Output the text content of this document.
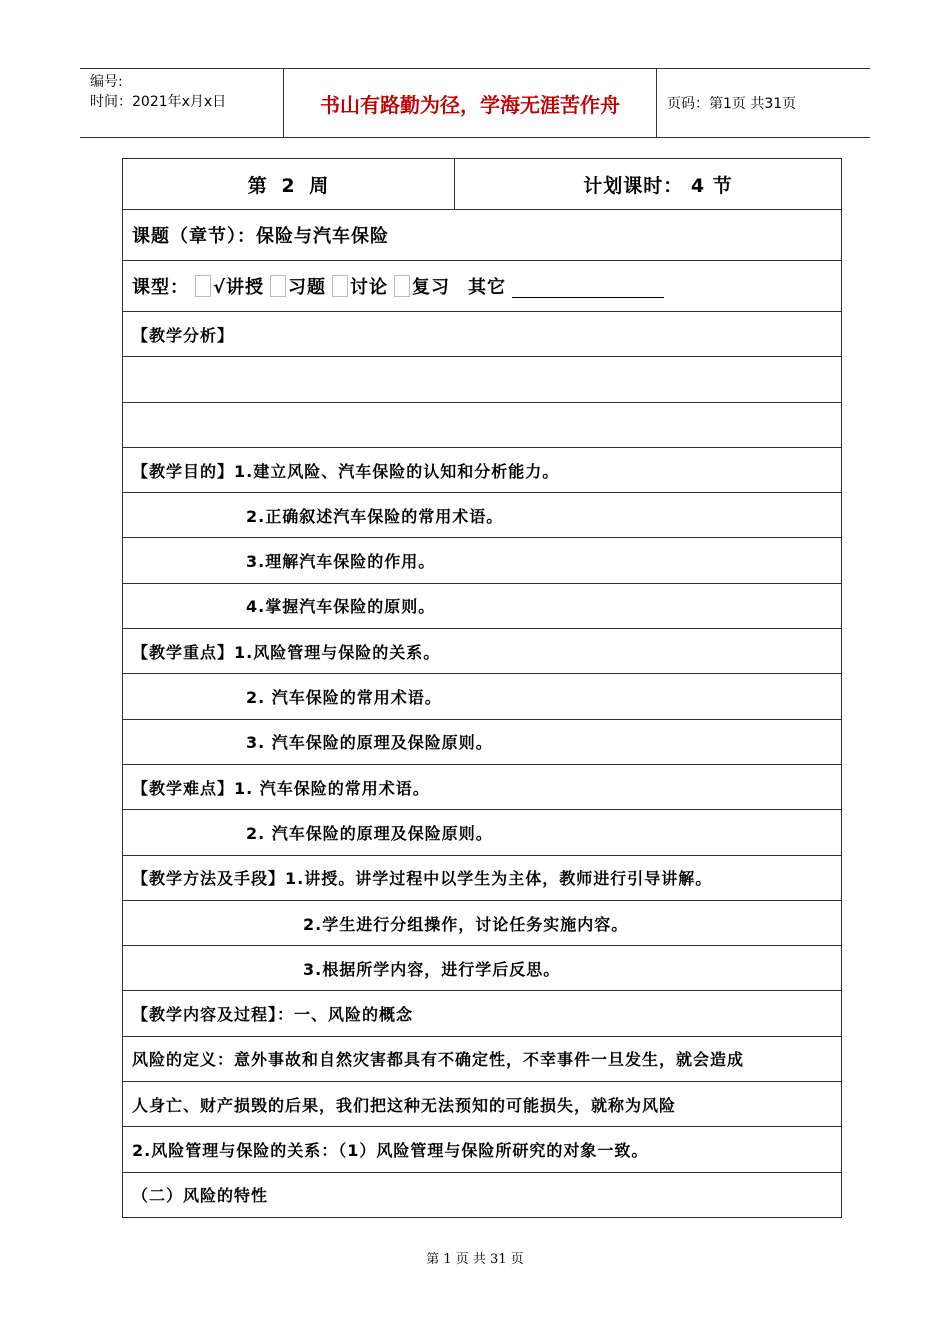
编号:
时间：2021年x月x日	书山有路勤为径，学海无涯苦作舟	页码：第1页 共31页
第 2 周	计划课时： 4 节
课题（章节）：保险与汽车保险
课型： √讲授 习题 讨论 复习 其它
【教学分析】
【教学目的】1.建立风险、汽车保险的认知和分析能力。
2.正确叙述汽车保险的常用术语。
3.理解汽车保险的作用。
4.掌握汽车保险的原则。
【教学重点】1.风险管理与保险的关系。
2. 汽车保险的常用术语。
3. 汽车保险的原理及保险原则。
【教学难点】1. 汽车保险的常用术语。
2. 汽车保险的原理及保险原则。
【教学方法及手段】1.讲授。讲学过程中以学生为主体，教师进行引导讲解。
2.学生进行分组操作，讨论任务实施内容。
3.根据所学内容，进行学后反思。
【教学内容及过程】：一、风险的概念
风险的定义：意外事故和自然灾害都具有不确定性，不幸事件一旦发生，就会造成
人身亡、财产损毁的后果，我们把这种无法预知的可能损失，就称为风险
2.风险管理与保险的关系：（1）风险管理与保险所研究的对象一致。
（二）风险的特性
第 1 页 共 31 页
